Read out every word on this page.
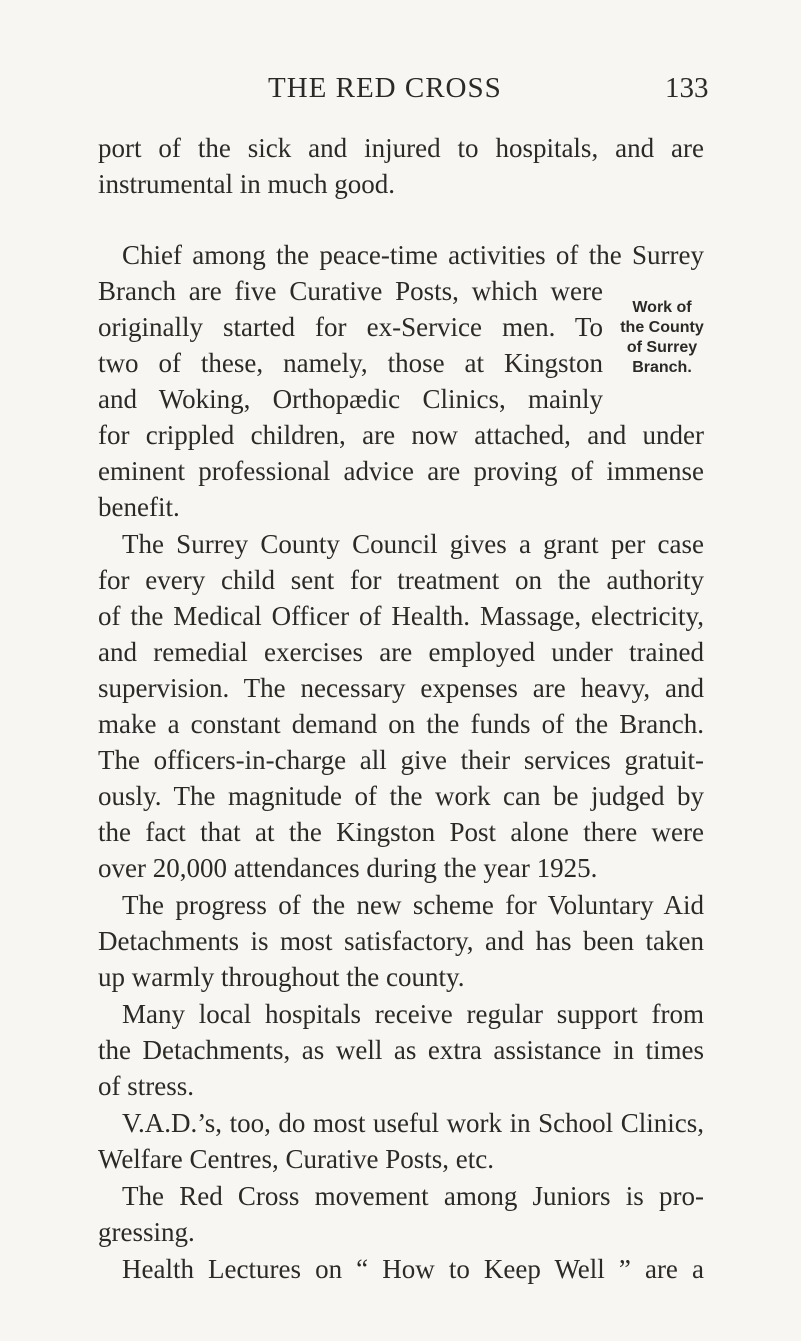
THE RED CROSS	133
Work of
the County
of Surrey
Branch.
port of the sick and injured to hospitals, and are
instrumental in much good.
Chief among the peace-time activities of the Surrey
Branch are five Curative Posts, which were
originally started for ex-Service men. To
two of these, namely, those at Kingston
and Woking, Orthopædic Clinics, mainly
for crippled children, are now attached, and under
eminent professional advice are proving of immense
benefit.
The Surrey County Council gives a grant per case
for every child sent for treatment on the authority
of the Medical Officer of Health. Massage, electricity,
and remedial exercises are employed under trained
supervision. The necessary expenses are heavy, and
make a constant demand on the funds of the Branch.
The officers-in-charge all give their services gratuit-
ously. The magnitude of the work can be judged by
the fact that at the Kingston Post alone there were
over 20,000 attendances during the year 1925.
The progress of the new scheme for Voluntary Aid
Detachments is most satisfactory, and has been taken
up warmly throughout the county.
Many local hospitals receive regular support from
the Detachments, as well as extra assistance in times
of stress.
V.A.D.’s, too, do most useful work in School Clinics,
Welfare Centres, Curative Posts, etc.
The Red Cross movement among Juniors is pro-
gressing.
Health Lectures on “ How to Keep Well ” are a
